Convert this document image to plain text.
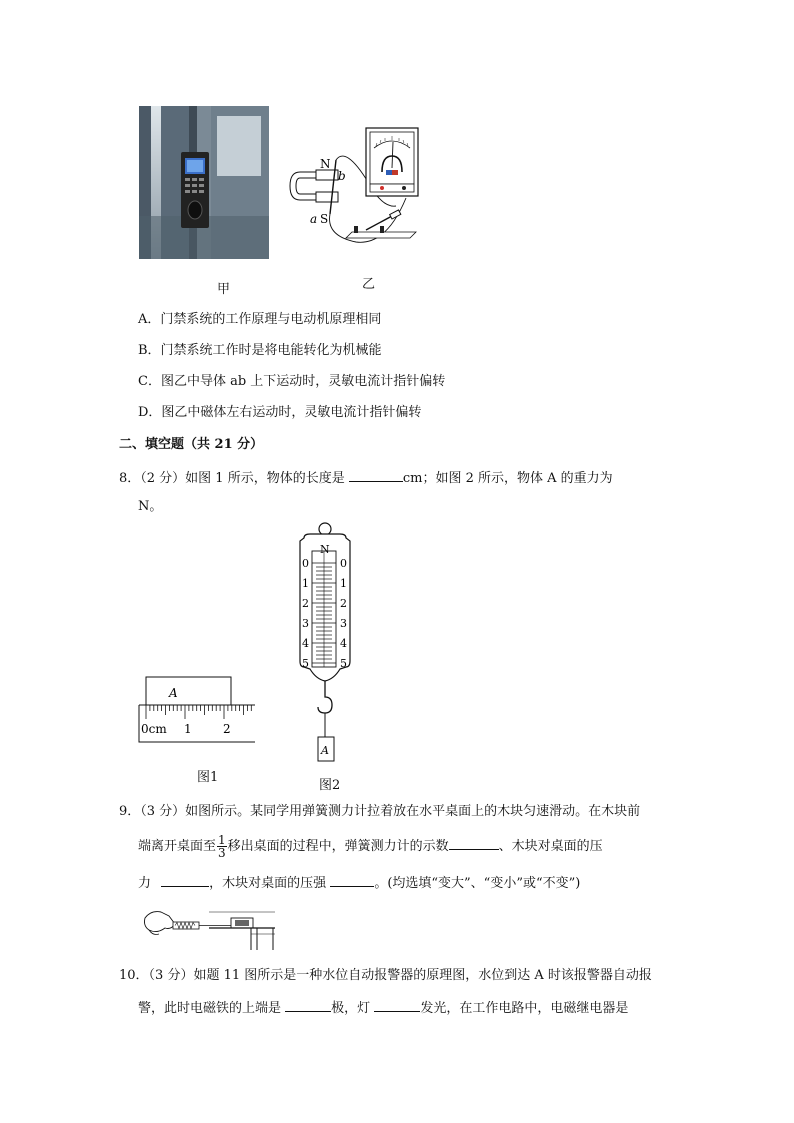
甲
N
b
a S
乙
A．门禁系统的工作原理与电动机原理相同
B．门禁系统工作时是将电能转化为机械能
C．图乙中导体 ab 上下运动时，灵敏电流计指针偏转
D．图乙中磁体左右运动时，灵敏电流计指针偏转
二、填空题（共 21 分）
8．（2 分）如图 1 所示，物体的长度是	cm；如图 2 所示，物体 A 的重力为
N。
A
0cm 1	2
图1
N
0
1
2
3
4
5
0
1
2
3
4
5
A
图2
9．（3 分）如图所示。某同学用弹簧测力计拉着放在水平桌面上的木块匀速滑动。在木块前
端离开桌面至 $\frac{1}{3}$ 移出桌面的过程中，弹簧测力计的示数	、木块对桌面的压
力	，木块对桌面的压强	。(均选填“变大”、“变小”或“不变”)
10．（3 分）如题 11 图所示是一种水位自动报警器的原理图，水位到达 A 时该报警器自动报
警，此时电磁铁的上端是	极，灯	发光，在工作电路中，电磁继电器是
